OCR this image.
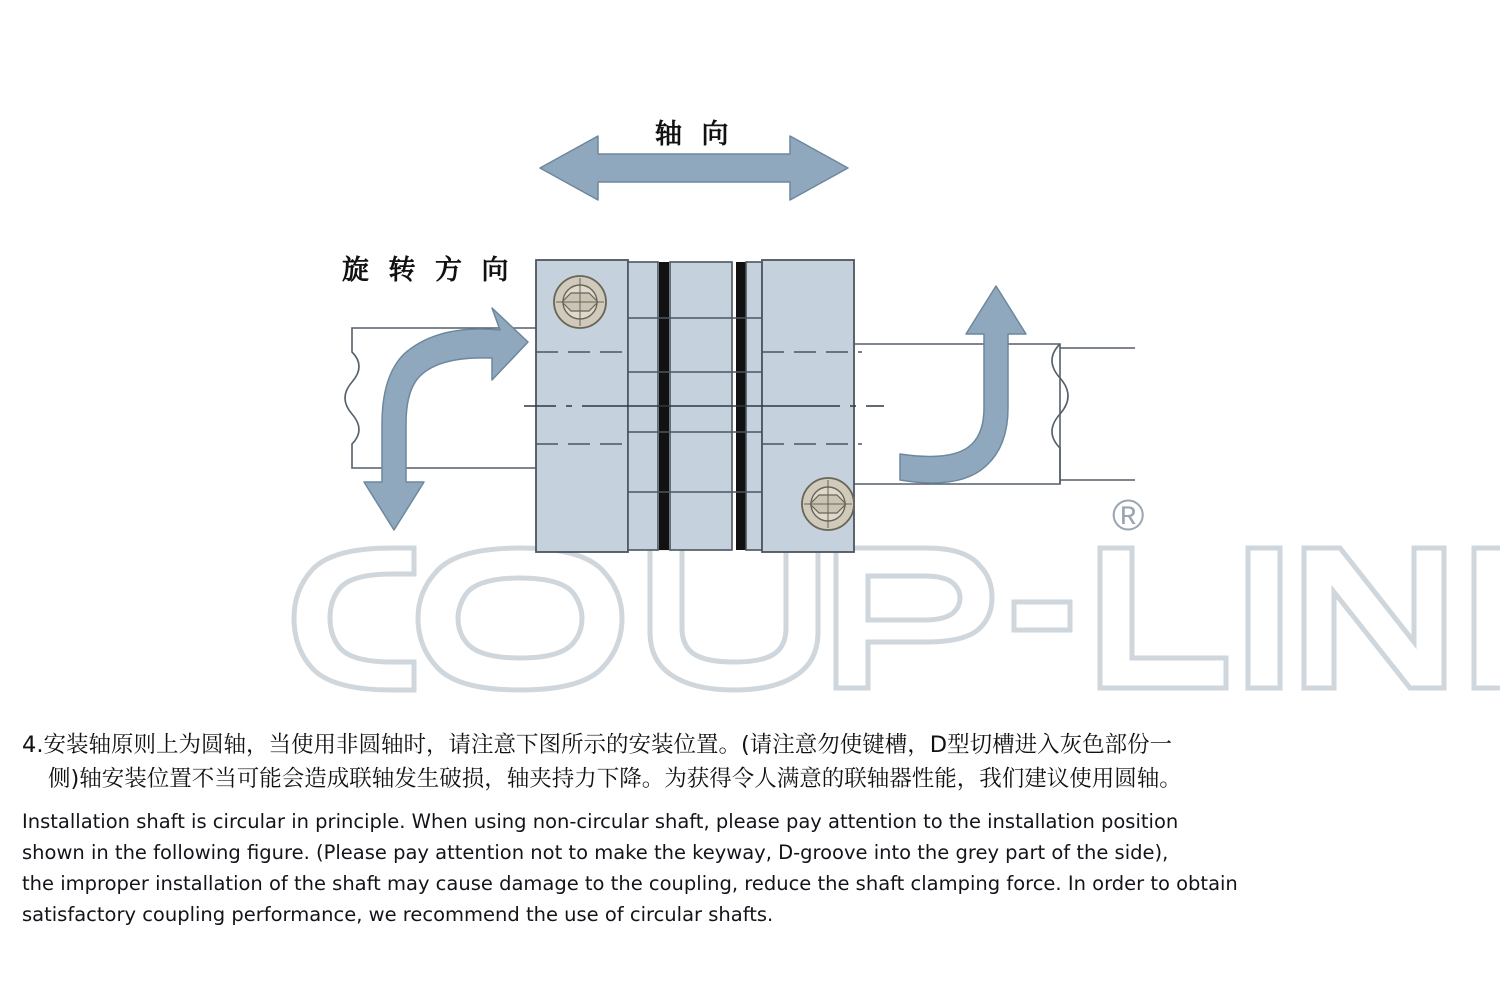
®
轴 向
旋 转 方 向
4.安装轴原则上为圆轴，当使用非圆轴时，请注意下图所示的安装位置。(请注意勿使键槽，D型切槽进入灰色部份一
侧)轴安装位置不当可能会造成联轴发生破损，轴夹持力下降。为获得令人满意的联轴器性能，我们建议使用圆轴。

Installation shaft is circular in principle. When using non-circular shaft, please pay attention to the installation position

shown in the following figure. (Please pay attention not to make the keyway, D-groove into the grey part of the side),

the improper installation of the shaft may cause damage to the coupling, reduce the shaft clamping force. In order to obtain

satisfactory coupling performance, we recommend the use of circular shafts.
